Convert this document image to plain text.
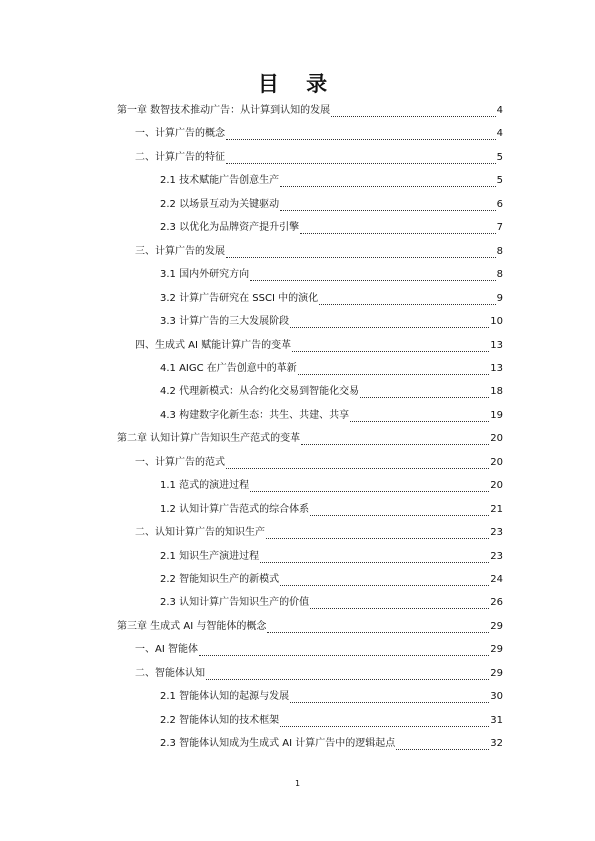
目 录
第一章 数智技术推动广告：从计算到认知的发展	4
一、计算广告的概念	4
二、计算广告的特征	5
2.1 技术赋能广告创意生产	5
2.2 以场景互动为关键驱动	6
2.3 以优化为品牌资产提升引擎	7
三、计算广告的发展	8
3.1 国内外研究方向	8
3.2 计算广告研究在 SSCI 中的演化	9
3.3 计算广告的三大发展阶段	10
四、生成式 AI 赋能计算广告的变革	13
4.1 AIGC 在广告创意中的革新	13
4.2 代理新模式：从合约化交易到智能化交易	18
4.3 构建数字化新生态：共生、共建、共享	19
第二章 认知计算广告知识生产范式的变革	20
一、计算广告的范式	20
1.1 范式的演进过程	20
1.2 认知计算广告范式的综合体系	21
二、认知计算广告的知识生产	23
2.1 知识生产演进过程	23
2.2 智能知识生产的新模式	24
2.3 认知计算广告知识生产的价值	26
第三章 生成式 AI 与智能体的概念	29
一、AI 智能体	29
二、智能体认知	29
2.1 智能体认知的起源与发展	30
2.2 智能体认知的技术框架	31
2.3 智能体认知成为生成式 AI 计算广告中的逻辑起点	32
1
